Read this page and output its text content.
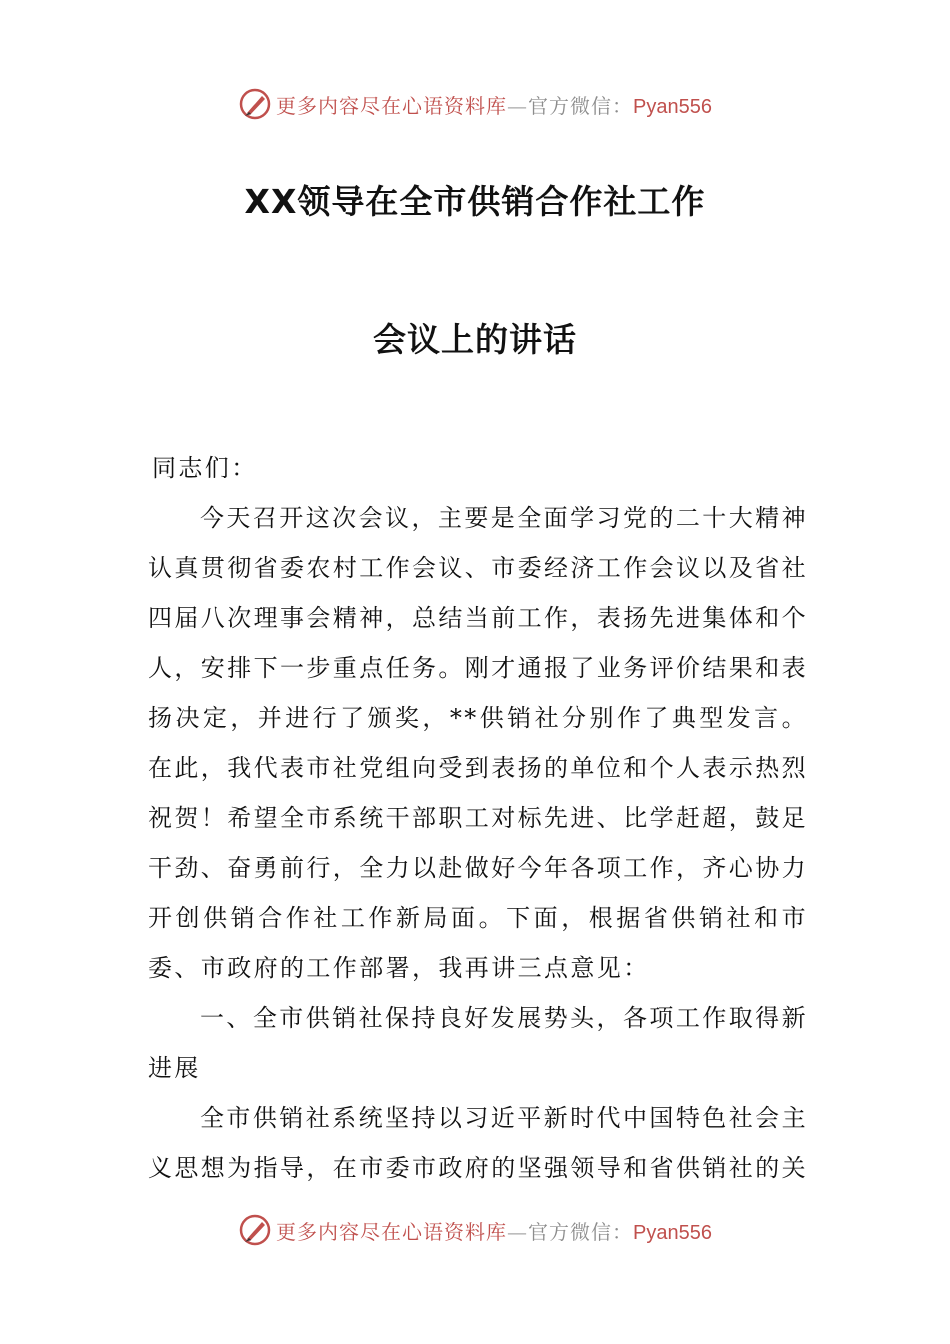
更多内容尽在心语资料库 — 官方微信： Pyan556
XX领导在全市供销合作社工作
会议上的讲话

同志们：

今天召开这次会议，主要是全面学习党的二十大精神认真贯彻省委农村工作会议、市委经济工作会议以及省社四届八次理事会精神，总结当前工作，表扬先进集体和个人，安排下一步重点任务。刚才通报了业务评价结果和表扬决定，并进行了颁奖，**供销社分别作了典型发言。在此，我代表市社党组向受到表扬的单位和个人表示热烈祝贺！希望全市系统干部职工对标先进、比学赶超，鼓足干劲、奋勇前行，全力以赴做好今年各项工作，齐心协力开创供销合作社工作新局面。下面，根据省供销社和市委、市政府的工作部署，我再讲三点意见：

一、全市供销社保持良好发展势头，各项工作取得新进展

全市供销社系统坚持以习近平新时代中国特色社会主义思想为指导，在市委市政府的坚强领导和省供销社的关

更多内容尽在心语资料库 — 官方微信： Pyan556
